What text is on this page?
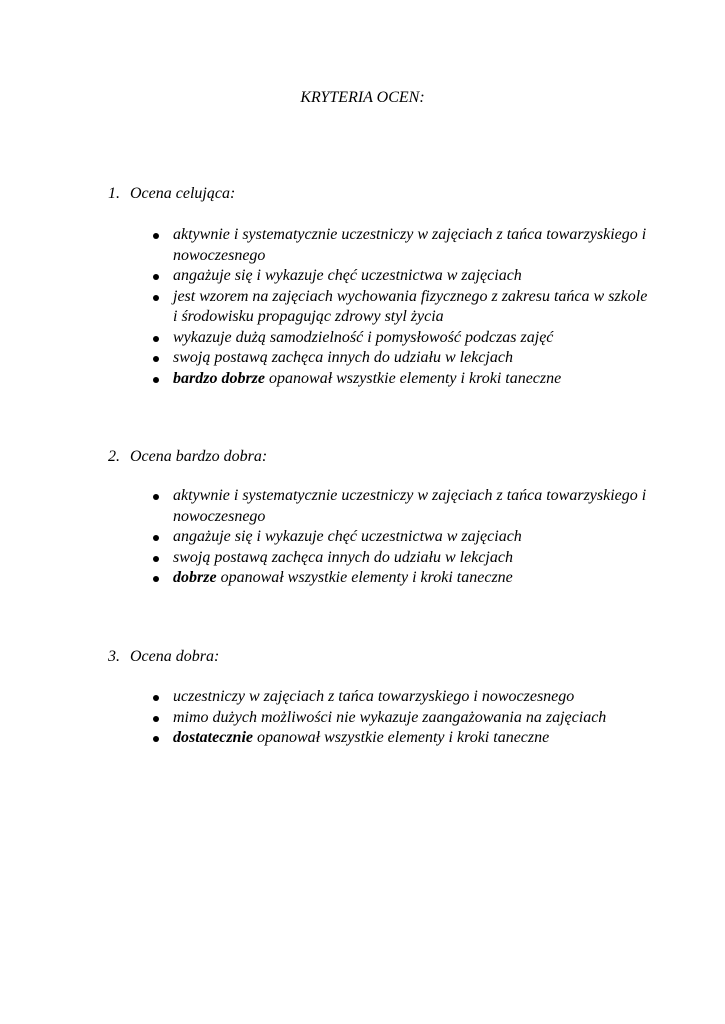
KRYTERIA OCEN:
1. Ocena celująca:
aktywnie i systematycznie uczestniczy w zajęciach z tańca towarzyskiego i nowoczesnego
angażuje się i wykazuje chęć uczestnictwa w zajęciach
jest wzorem na zajęciach wychowania fizycznego z zakresu tańca w szkole i środowisku propagując zdrowy styl życia
wykazuje dużą samodzielność i pomysłowość podczas zajęć
swoją postawą zachęca innych do udziału w lekcjach
bardzo dobrze opanował wszystkie elementy i kroki taneczne
2. Ocena bardzo dobra:
aktywnie i systematycznie uczestniczy w zajęciach z tańca towarzyskiego i nowoczesnego
angażuje się i wykazuje chęć uczestnictwa w zajęciach
swoją postawą zachęca innych do udziału w lekcjach
dobrze opanował wszystkie elementy i kroki taneczne
3. Ocena dobra:
uczestniczy w zajęciach z tańca towarzyskiego i nowoczesnego
mimo dużych możliwości nie wykazuje zaangażowania na zajęciach
dostatecznie opanował wszystkie elementy i kroki taneczne
